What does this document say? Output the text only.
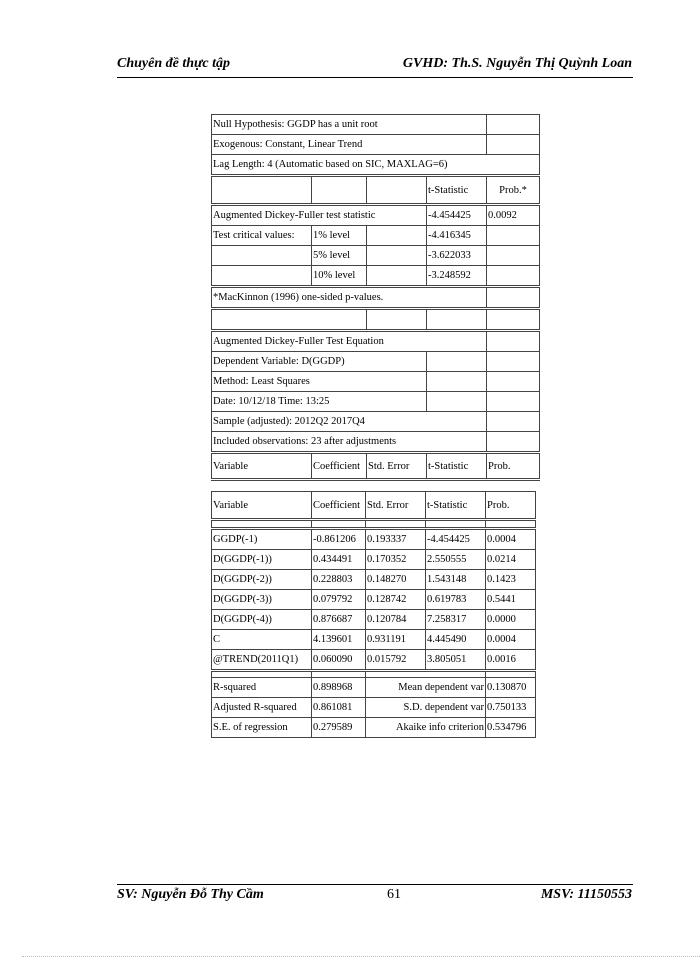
Chuyên đề thực tập	GVHD: Th.S. Nguyễn Thị Quỳnh Loan
Null Hypothesis: GGDP has a unit root				
Exogenous: Constant, Linear Trend				
Lag Length: 4 (Automatic based on SIC, MAXLAG=6)				
			t-Statistic	Prob.*
Augmented Dickey-Fuller test statistic			-4.454425	0.0092
Test critical values:	1% level		-4.416345	
	5% level		-3.622033	
	10% level		-3.248592	
*MacKinnon (1996) one-sided p-values.				

Augmented Dickey-Fuller Test Equation				
Dependent Variable: D(GGDP)				
Method: Least Squares				
Date: 10/12/18 Time: 13:25				
Sample (adjusted): 2012Q2 2017Q4				
Included observations: 23 after adjustments				
Variable	Coefficient	Std. Error	t-Statistic	Prob.
Variable	Coefficient	Std. Error	t-Statistic	Prob.

GGDP(-1)	-0.861206	0.193337	-4.454425	0.0004
D(GGDP(-1))	0.434491	0.170352	2.550555	0.0214
D(GGDP(-2))	0.228803	0.148270	1.543148	0.1423
D(GGDP(-3))	0.079792	0.128742	0.619783	0.5441
D(GGDP(-4))	0.876687	0.120784	7.258317	0.0000
C	4.139601	0.931191	4.445490	0.0004
@TREND(2011Q1)	0.060090	0.015792	3.805051	0.0016

R-squared	0.898968	Mean dependent var		0.130870
Adjusted R-squared	0.861081	S.D. dependent var		0.750133
S.E. of regression	0.279589	Akaike info criterion		0.534796
SV: Nguyễn Đỗ Thy Cầm	61	MSV: 11150553
